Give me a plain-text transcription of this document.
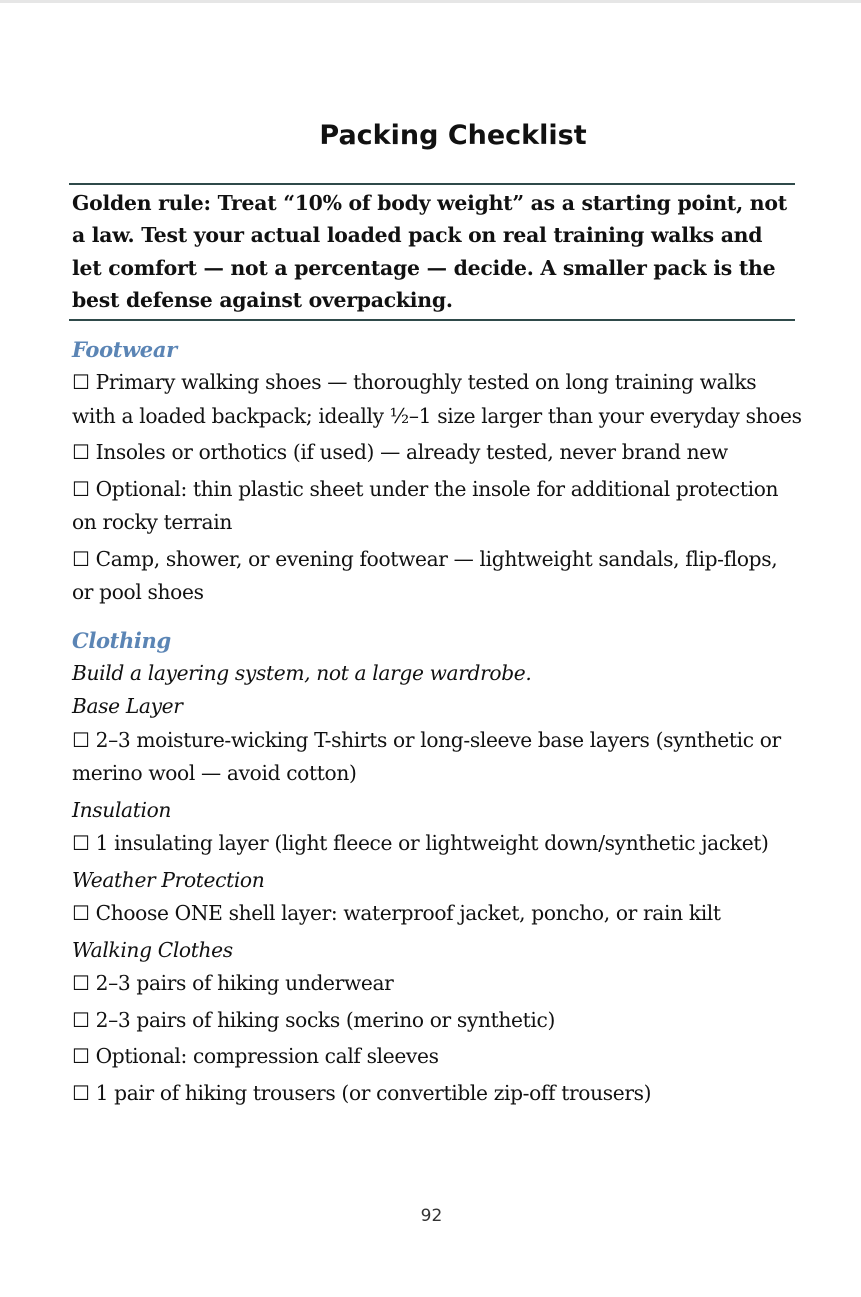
Packing Checklist
Golden rule: Treat “10% of body weight” as a starting point, not a law. Test your actual loaded pack on real training walks and let comfort — not a percentage — decide. A smaller pack is the best defense against overpacking.

Footwear

☐ Primary walking shoes — thoroughly tested on long training walks with a loaded backpack; ideally ½–1 size larger than your everyday shoes

☐ Insoles or orthotics (if used) — already tested, never brand new

☐ Optional: thin plastic sheet under the insole for additional protection on rocky terrain

☐ Camp, shower, or evening footwear — lightweight sandals, flip-flops, or pool shoes

Clothing

Build a layering system, not a large wardrobe.

Base Layer

☐ 2–3 moisture-wicking T-shirts or long-sleeve base layers (synthetic or merino wool — avoid cotton)

Insulation

☐ 1 insulating layer (light fleece or lightweight down/synthetic jacket)

Weather Protection

☐ Choose ONE shell layer: waterproof jacket, poncho, or rain kilt

Walking Clothes

☐ 2–3 pairs of hiking underwear

☐ 2–3 pairs of hiking socks (merino or synthetic)

☐ Optional: compression calf sleeves

☐ 1 pair of hiking trousers (or convertible zip-off trousers)

92
